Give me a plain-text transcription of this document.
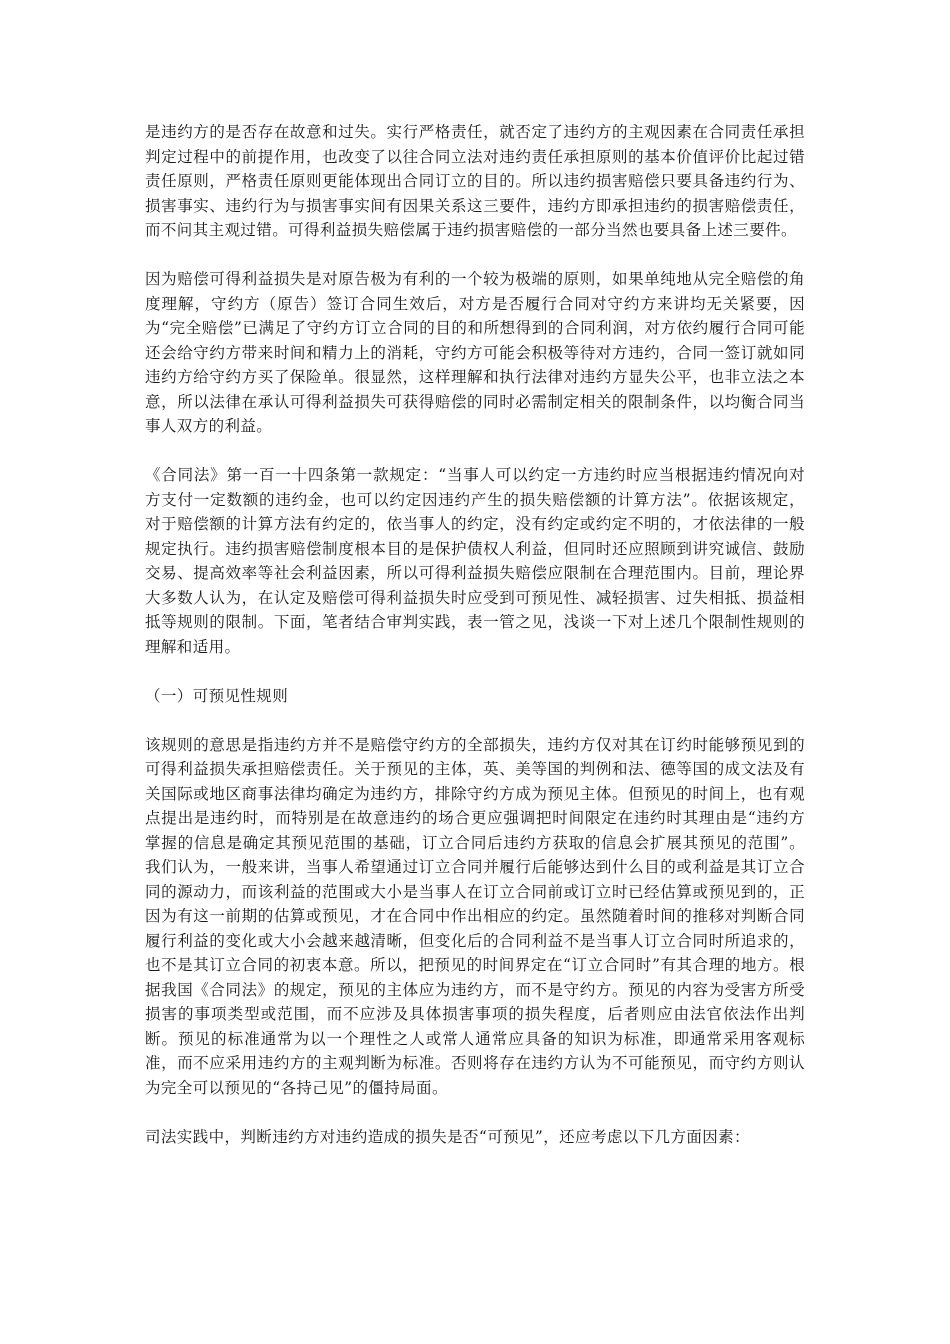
是违约方的是否存在故意和过失。实行严格责任，就否定了违约方的主观因素在合同责任承担判定过程中的前提作用，也改变了以往合同立法对违约责任承担原则的基本价值评价比起过错责任原则，严格责任原则更能体现出合同订立的目的。所以违约损害赔偿只要具备违约行为、损害事实、违约行为与损害事实间有因果关系这三要件，违约方即承担违约的损害赔偿责任，而不问其主观过错。可得利益损失赔偿属于违约损害赔偿的一部分当然也要具备上述三要件。

因为赔偿可得利益损失是对原告极为有利的一个较为极端的原则，如果单纯地从完全赔偿的角度理解，守约方（原告）签订合同生效后，对方是否履行合同对守约方来讲均无关紧要，因为“完全赔偿”已满足了守约方订立合同的目的和所想得到的合同利润，对方依约履行合同可能还会给守约方带来时间和精力上的消耗，守约方可能会积极等待对方违约，合同一签订就如同违约方给守约方买了保险单。很显然，这样理解和执行法律对违约方显失公平，也非立法之本意，所以法律在承认可得利益损失可获得赔偿的同时必需制定相关的限制条件，以均衡合同当事人双方的利益。

《合同法》第一百一十四条第一款规定：“当事人可以约定一方违约时应当根据违约情况向对方支付一定数额的违约金，也可以约定因违约产生的损失赔偿额的计算方法”。依据该规定，对于赔偿额的计算方法有约定的，依当事人的约定，没有约定或约定不明的，才依法律的一般规定执行。违约损害赔偿制度根本目的是保护债权人利益，但同时还应照顾到讲究诚信、鼓励交易、提高效率等社会利益因素，所以可得利益损失赔偿应限制在合理范围内。目前，理论界大多数人认为，在认定及赔偿可得利益损失时应受到可预见性、减轻损害、过失相抵、损益相抵等规则的限制。下面，笔者结合审判实践，表一管之见，浅谈一下对上述几个限制性规则的理解和适用。

（一）可预见性规则

该规则的意思是指违约方并不是赔偿守约方的全部损失，违约方仅对其在订约时能够预见到的可得利益损失承担赔偿责任。关于预见的主体，英、美等国的判例和法、德等国的成文法及有关国际或地区商事法律均确定为违约方，排除守约方成为预见主体。但预见的时间上，也有观点提出是违约时，而特别是在故意违约的场合更应强调把时间限定在违约时其理由是“违约方掌握的信息是确定其预见范围的基础，订立合同后违约方获取的信息会扩展其预见的范围”。我们认为，一般来讲，当事人希望通过订立合同并履行后能够达到什么目的或利益是其订立合同的源动力，而该利益的范围或大小是当事人在订立合同前或订立时已经估算或预见到的，正因为有这一前期的估算或预见，才在合同中作出相应的约定。虽然随着时间的推移对判断合同履行利益的变化或大小会越来越清晰，但变化后的合同利益不是当事人订立合同时所追求的，也不是其订立合同的初衷本意。所以，把预见的时间界定在“订立合同时”有其合理的地方。根据我国《合同法》的规定，预见的主体应为违约方，而不是守约方。预见的内容为受害方所受损害的事项类型或范围，而不应涉及具体损害事项的损失程度，后者则应由法官依法作出判断。预见的标准通常为以一个理性之人或常人通常应具备的知识为标准，即通常采用客观标准，而不应采用违约方的主观判断为标准。否则将存在违约方认为不可能预见，而守约方则认为完全可以预见的“各持己见”的僵持局面。

司法实践中，判断违约方对违约造成的损失是否“可预见”，还应考虑以下几方面因素：
